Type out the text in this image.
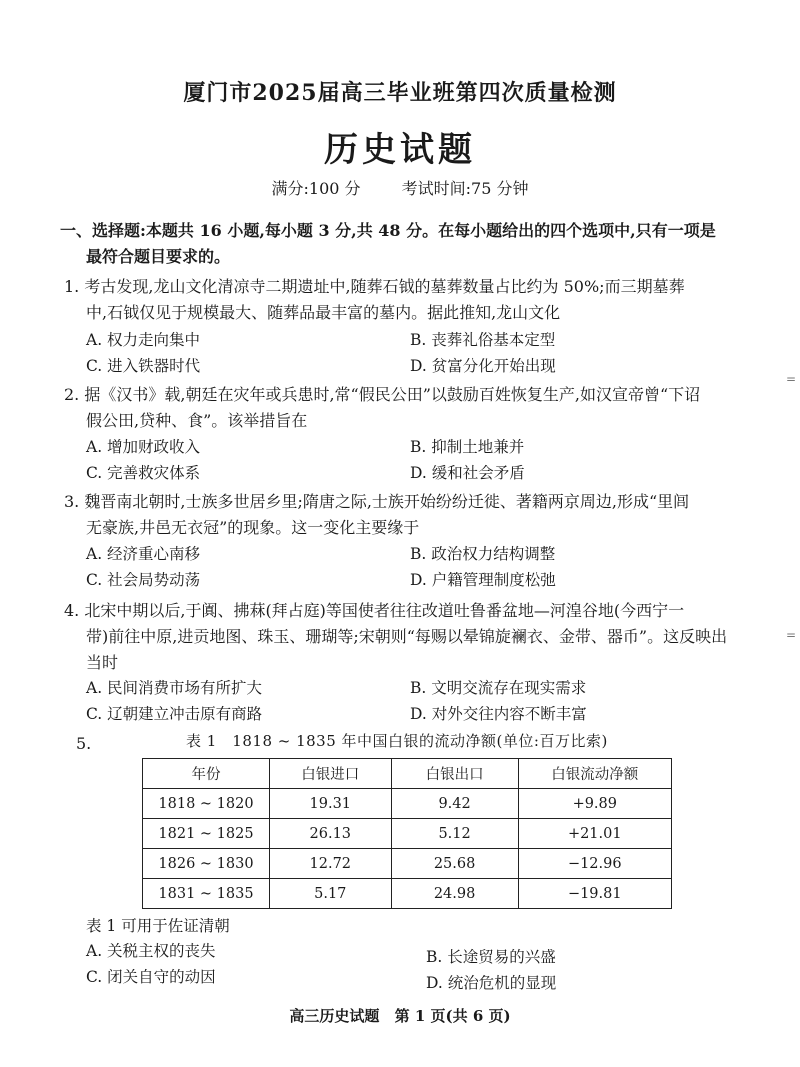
厦门市2025届高三毕业班第四次质量检测
历史试题
满分:100 分	考试时间:75 分钟
一、选择题:本题共 16 小题,每小题 3 分,共 48 分。在每小题给出的四个选项中,只有一项是
最符合题目要求的。
1. 考古发现,龙山文化清凉寺二期遗址中,随葬石钺的墓葬数量占比约为 50%;而三期墓葬
中,石钺仅见于规模最大、随葬品最丰富的墓内。据此推知,龙山文化
A. 权力走向集中	B. 丧葬礼俗基本定型
C. 进入铁器时代	D. 贫富分化开始出现
2. 据《汉书》载,朝廷在灾年或兵患时,常“假民公田”以鼓励百姓恢复生产,如汉宣帝曾“下诏
假公田,贷种、食”。该举措旨在
A. 增加财政收入	B. 抑制土地兼并
C. 完善救灾体系	D. 缓和社会矛盾
3. 魏晋南北朝时,士族多世居乡里;隋唐之际,士族开始纷纷迁徙、著籍两京周边,形成“里闾
无豪族,井邑无衣冠”的现象。这一变化主要缘于
A. 经济重心南移	B. 政治权力结构调整
C. 社会局势动荡	D. 户籍管理制度松弛
4. 北宋中期以后,于阗、拂菻(拜占庭)等国使者往往改道吐鲁番盆地—河湟谷地(今西宁一
带)前往中原,进贡地图、珠玉、珊瑚等;宋朝则“每赐以晕锦旋襕衣、金带、器币”。这反映出
当时
A. 民间消费市场有所扩大	B. 文明交流存在现实需求
C. 辽朝建立冲击原有商路	D. 对外交往内容不断丰富
5.	表 1　1818 ~ 1835 年中国白银的流动净额(单位:百万比索)
年份	白银进口	白银出口	白银流动净额
1818 ~ 1820	19.31	9.42	+9.89
1821 ~ 1825	26.13	5.12	+21.01
1826 ~ 1830	12.72	25.68	−12.96
1831 ~ 1835	5.17	24.98	−19.81
表 1 可用于佐证清朝
A. 关税主权的丧失	B. 长途贸易的兴盛
C. 闭关自守的动因	D. 统治危机的显现
高三历史试题 第 1 页(共 6 页)
=
=
